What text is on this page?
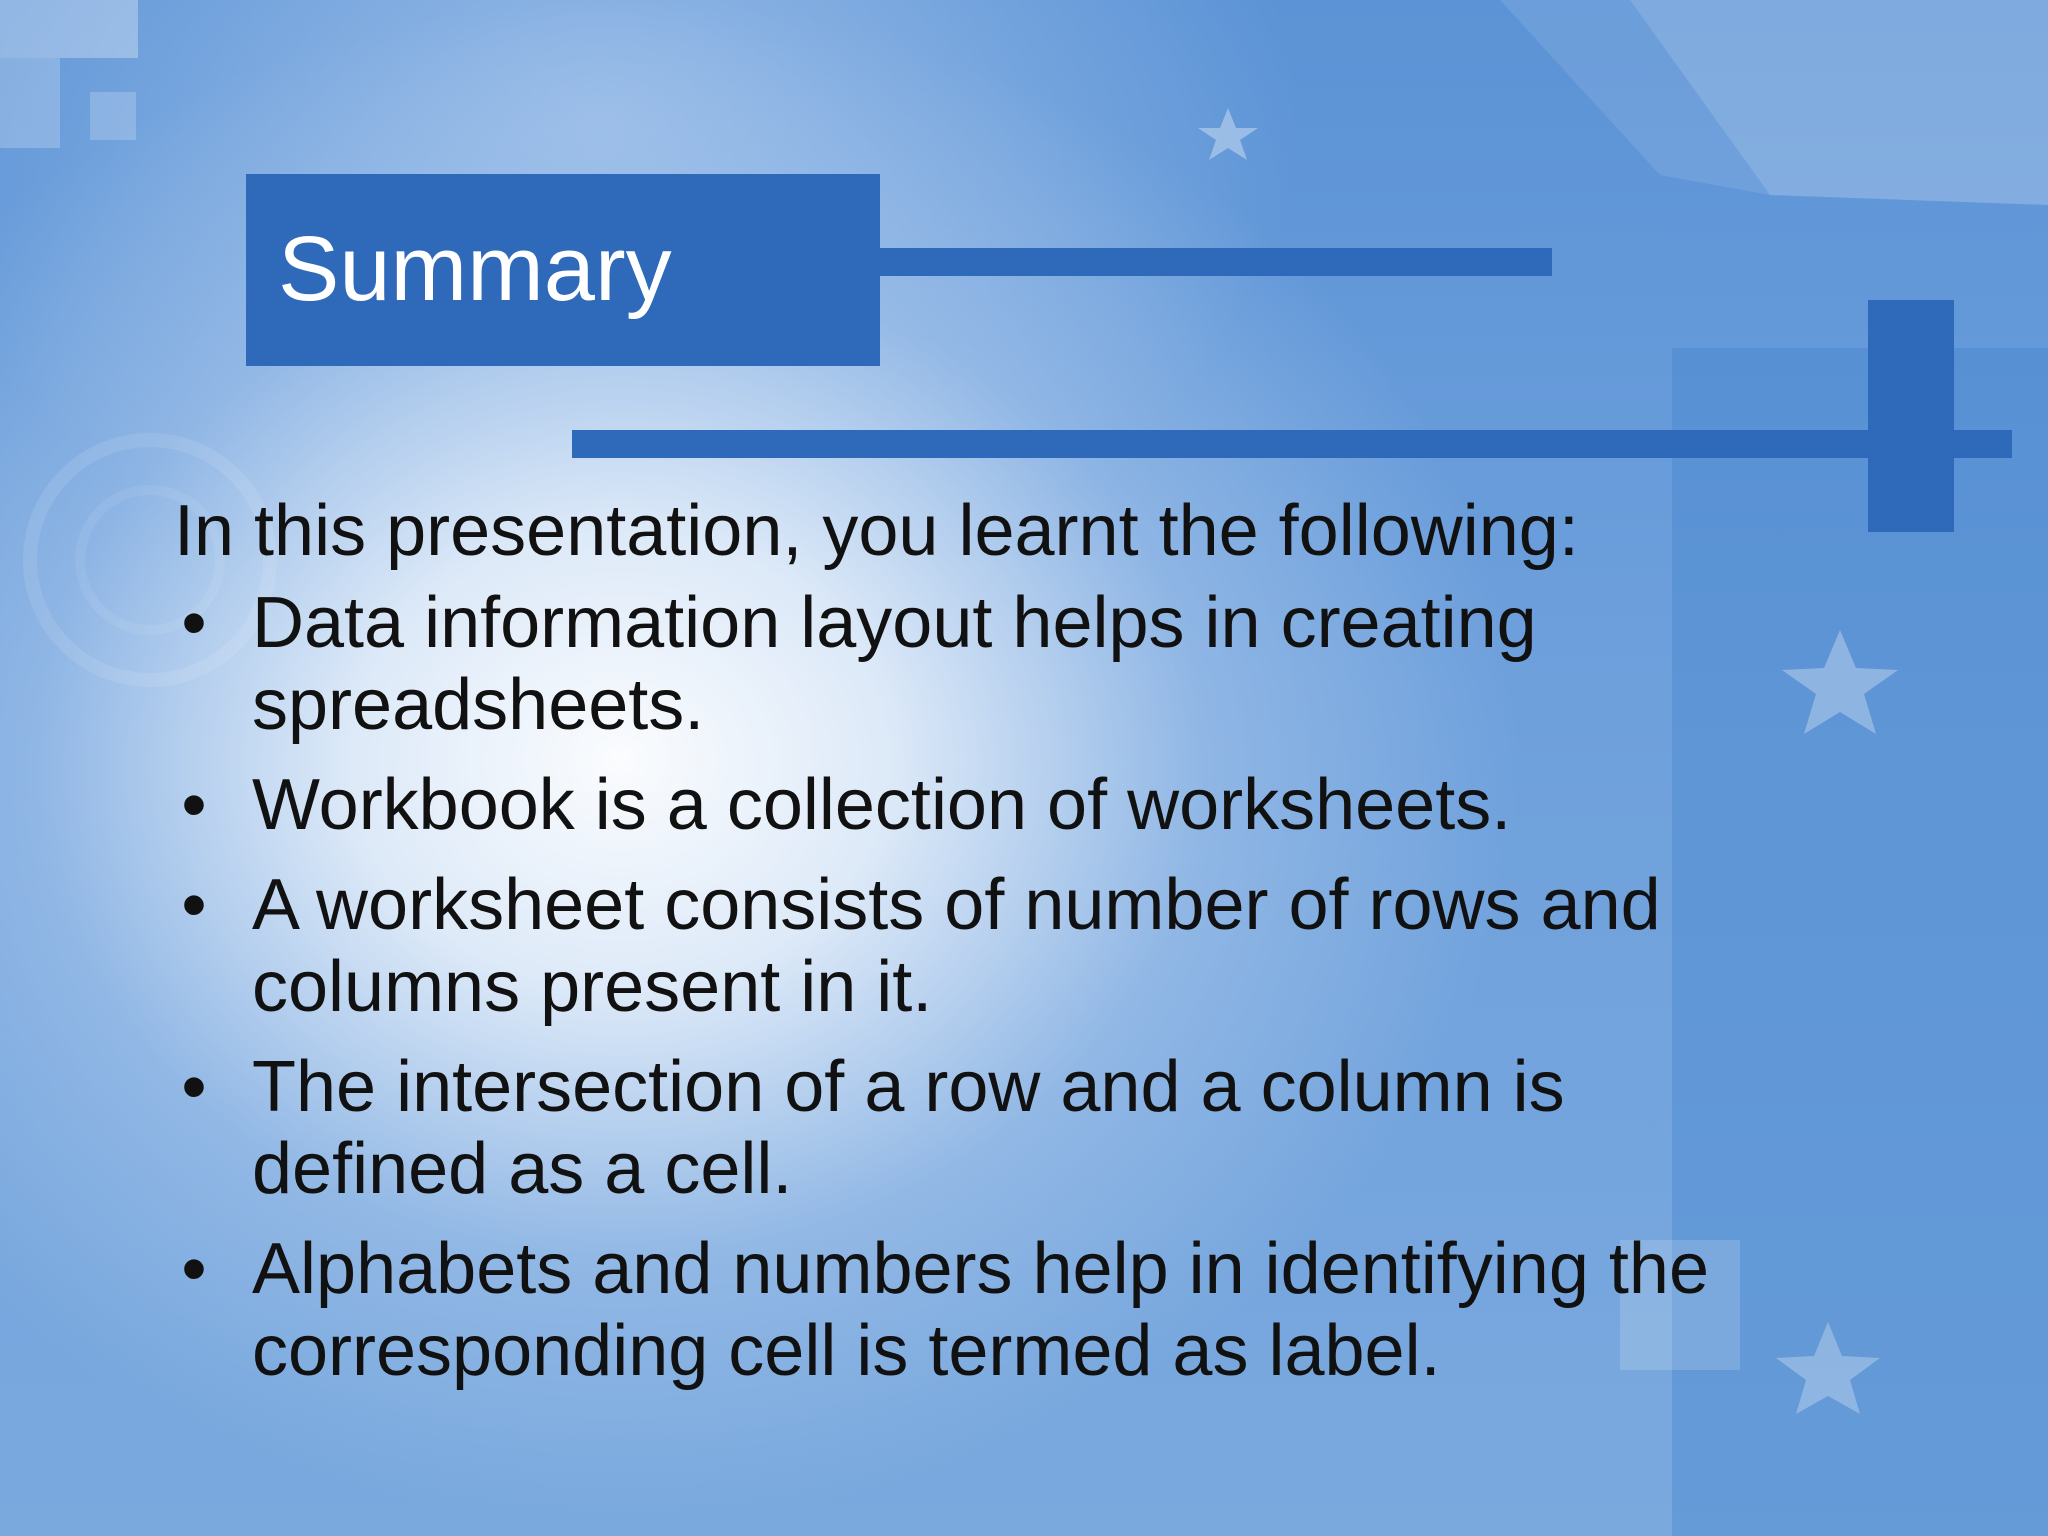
Summary
In this presentation, you learnt the following:
• Data information layout helps in creating spreadsheets.
• Workbook is a collection of worksheets.
• A worksheet consists of number of rows and columns present in it.
• The intersection of a row and a column is defined as a cell.
• Alphabets and numbers help in identifying the corresponding cell is termed as label.
